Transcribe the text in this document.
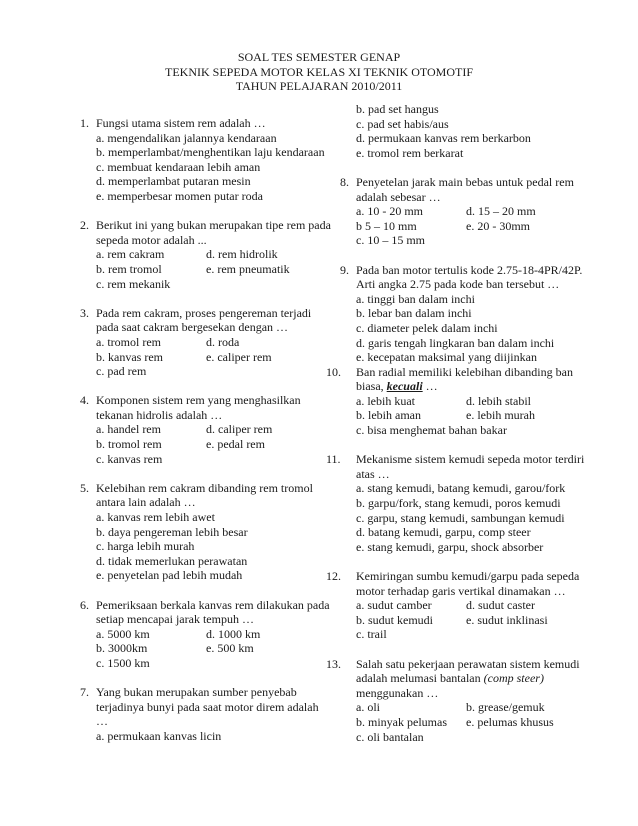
SOAL TES SEMESTER GENAP
TEKNIK SEPEDA MOTOR KELAS XI TEKNIK OTOMOTIF
TAHUN PELAJARAN 2010/2011
1. Fungsi utama sistem rem adalah …
a. mengendalikan jalannya kendaraan
b. memperlambat/menghentikan laju kendaraan
c. membuat kendaraan lebih aman
d. memperlambat putaran mesin
e. memperbesar momen putar roda
2. Berikut ini yang bukan merupakan tipe rem pada sepeda motor adalah ...
a. rem cakram	d. rem hidrolik
b. rem tromol	e. rem pneumatik
c. rem mekanik
3. Pada rem cakram, proses pengereman terjadi pada saat cakram bergesekan dengan …
a. tromol rem	d. roda
b. kanvas rem	e. caliper rem
c. pad rem
4. Komponen sistem rem yang menghasilkan tekanan hidrolis adalah …
a. handel rem	d. caliper rem
b. tromol rem	e. pedal rem
c. kanvas rem
5. Kelebihan rem cakram dibanding rem tromol antara lain adalah …
a. kanvas rem lebih awet
b. daya pengereman lebih besar
c. harga lebih murah
d. tidak memerlukan perawatan
e. penyetelan pad lebih mudah
6. Pemeriksaan berkala kanvas rem dilakukan pada setiap mencapai jarak tempuh …
a. 5000 km	d. 1000 km
b. 3000km	e. 500 km
c. 1500 km
7. Yang bukan merupakan sumber penyebab terjadinya bunyi pada saat motor direm adalah …
a. permukaan kanvas licin
b. pad set hangus
c. pad set habis/aus
d. permukaan kanvas rem berkarbon
e. tromol rem berkarat
8. Penyetelan jarak main bebas untuk pedal rem adalah sebesar …
a. 10 - 20 mm	d. 15 – 20 mm
b 5 – 10 mm	e. 20 - 30mm
c. 10 – 15 mm
9. Pada ban motor tertulis kode 2.75-18-4PR/42P. Arti angka 2.75 pada kode ban tersebut …
a. tinggi ban dalam inchi
b. lebar ban dalam inchi
c. diameter pelek dalam inchi
d. garis tengah lingkaran ban dalam inchi
e. kecepatan maksimal yang diijinkan
10. Ban radial memiliki kelebihan dibanding ban biasa, kecuali …
a. lebih kuat	d. lebih stabil
b. lebih aman	e. lebih murah
c. bisa menghemat bahan bakar
11. Mekanisme sistem kemudi sepeda motor terdiri atas …
a. stang kemudi, batang kemudi, garou/fork
b. garpu/fork, stang kemudi, poros kemudi
c. garpu, stang kemudi, sambungan kemudi
d. batang kemudi, garpu, comp steer
e. stang kemudi, garpu, shock absorber
12. Kemiringan sumbu kemudi/garpu pada sepeda motor terhadap garis vertikal dinamakan …
a. sudut camber	d. sudut caster
b. sudut kemudi	e. sudut inklinasi
c. trail
13. Salah satu pekerjaan perawatan sistem kemudi adalah melumasi bantalan (comp steer) menggunakan …
a. oli	b. grease/gemuk
b. minyak pelumas e. pelumas khusus
c. oli bantalan
